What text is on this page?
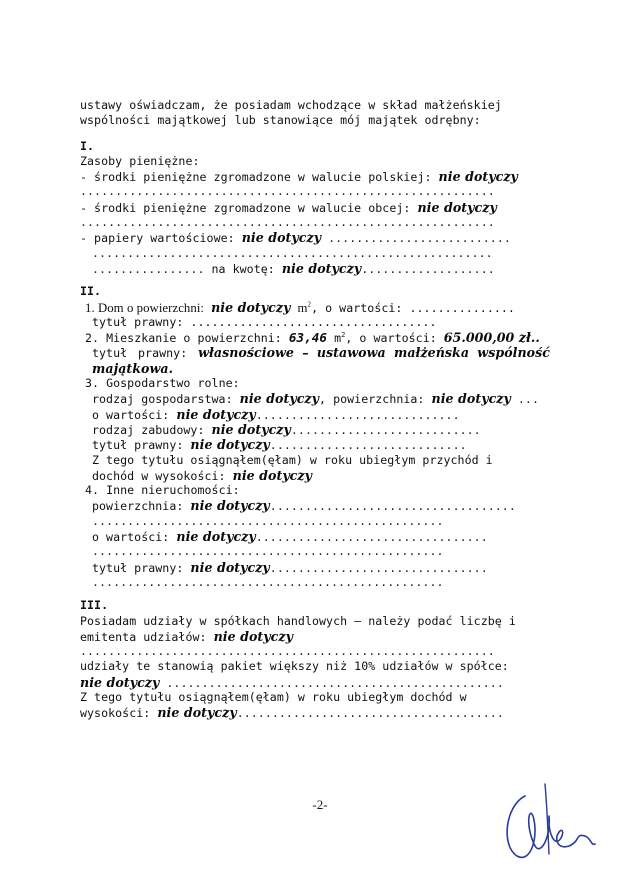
ustawy oświadczam, że posiadam wchodzące w skład małżeńskiej
wspólności majątkowej lub stanowiące mój majątek odrębny:
I.
Zasoby pieniężne:
- środki pieniężne zgromadzone w walucie polskiej: nie dotyczy
...........................................................
- środki pieniężne zgromadzone w walucie obcej: nie dotyczy
...........................................................
- papiery wartościowe: nie dotyczy ..........................
.........................................................
................ na kwotę: nie dotyczy...................
II.
1. Dom o powierzchni: nie dotyczy $m^2$, o wartości: ...............
tytuł prawny: ...................................
2. Mieszkanie o powierzchni: 63,46 $m^2$, o wartości: 65.000,00 zł..
tytuł prawny: własnościowe – ustawowa małżeńska wspólność
majątkowa.
3. Gospodarstwo rolne:
rodzaj gospodarstwa: nie dotyczy, powierzchnia: nie dotyczy ...
o wartości: nie dotyczy.............................
rodzaj zabudowy: nie dotyczy...........................
tytuł prawny: nie dotyczy............................
Z tego tytułu osiągnąłem(ęłam) w roku ubiegłym przychód i
dochód w wysokości: nie dotyczy
4. Inne nieruchomości:
powierzchnia: nie dotyczy...................................
..................................................
o wartości: nie dotyczy.................................
..................................................
tytuł prawny: nie dotyczy...............................
..................................................
III.
Posiadam udziały w spółkach handlowych – należy podać liczbę i
emitenta udziałów: nie dotyczy
...........................................................
udziały te stanowią pakiet większy niż 10% udziałów w spółce:
nie dotyczy ................................................
Z tego tytułu osiągnąłem(ęłam) w roku ubiegłym dochód w
wysokości: nie dotyczy......................................
-2-
